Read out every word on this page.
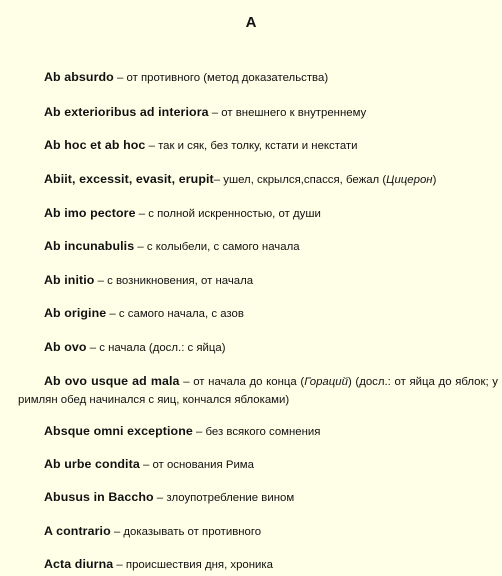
A
Ab absurdo – от противного (метод доказательства)
Ab exterioribus ad interiora – от внешнего к внутреннему
Ab hoc et ab hoc – так и сяк, без толку, кстати и некстати
Abiit, excessit, evasit, erupit– ушел, скрылся,спасся, бежал (Цицерон)
Ab imo pectore – с полной искренностью, от души
Ab incunabulis – с колыбели, с самого начала
Ab initio – с возникновения, от начала
Ab origine – с самого начала, с азов
Ab ovo – с начала (досл.: с яйца)
Ab ovo usque ad mala – от начала до конца (Гораций) (досл.: от яйца до яблок; у римлян обед начинался с яиц, кончался яблоками)
Absque omni exceptione – без всякого сомнения
Ab urbe condita – от основания Рима
Abusus in Baccho – злоупотребление вином
A contrario – доказывать от противного
Acta diurna – происшествия дня, хроника
